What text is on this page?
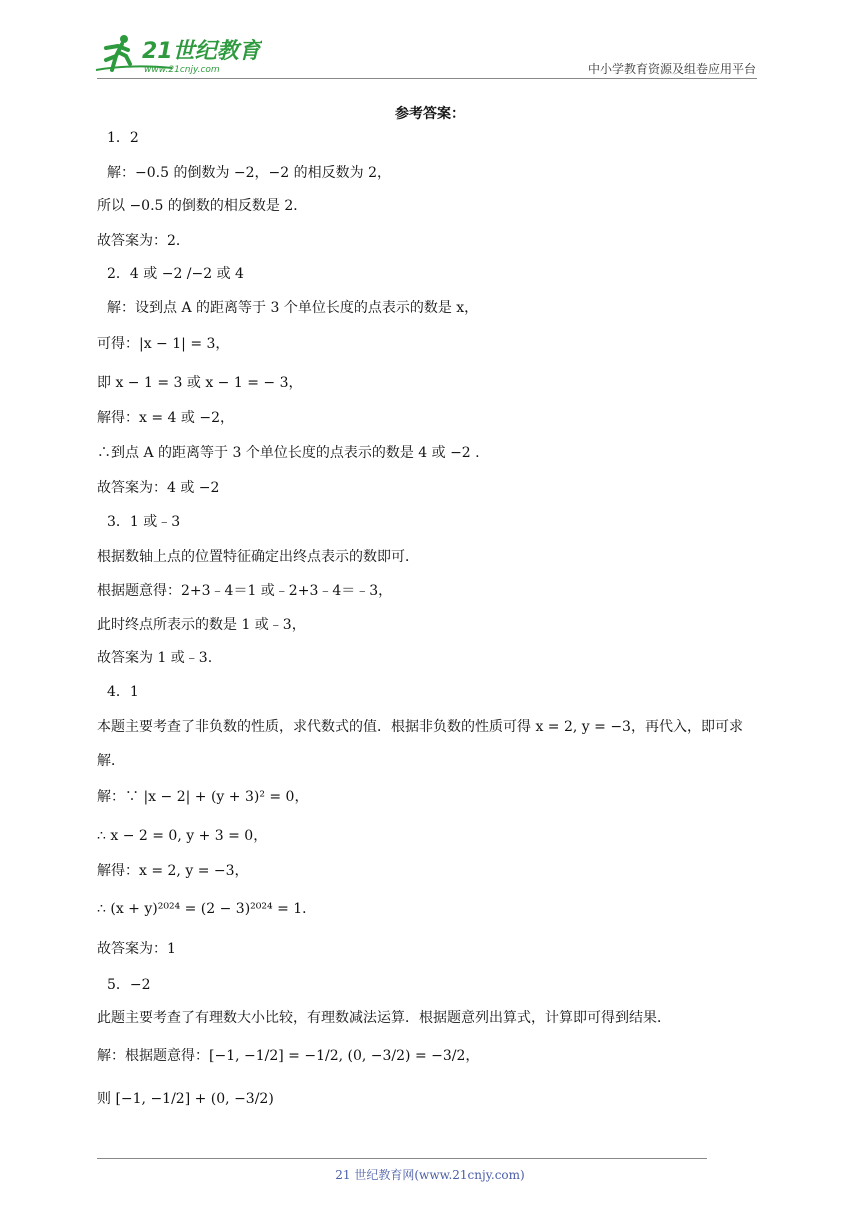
21世纪教育
www.21cnjy.com	中小学教育资源及组卷应用平台
参考答案：
1．2
解：−0.5 的倒数为 −2，−2 的相反数为 2，
所以 −0.5 的倒数的相反数是 2．
故答案为：2．
2．4 或 −2 /−2 或 4
解：设到点 A 的距离等于 3 个单位长度的点表示的数是 x，
可得：|x − 1| = 3，
即 x − 1 = 3 或 x − 1 = − 3，
解得：x = 4 或 −2，
∴到点 A 的距离等于 3 个单位长度的点表示的数是 4 或 −2 .
故答案为：4 或 −2
3．1 或﹣3
根据数轴上点的位置特征确定出终点表示的数即可．
根据题意得：2+3﹣4＝1 或﹣2+3﹣4＝﹣3，
此时终点所表示的数是 1 或﹣3，
故答案为 1 或﹣3.
4．1
本题主要考查了非负数的性质，求代数式的值．根据非负数的性质可得 x = 2, y = −3，再代入，即可求解．
解：∵ |x − 2| + (y + 3)² = 0，
∴ x − 2 = 0, y + 3 = 0，
解得：x = 2, y = −3，
∴ (x + y)²⁰²⁴ = (2 − 3)²⁰²⁴ = 1．
故答案为：1
5．−2
此题主要考查了有理数大小比较，有理数减法运算．根据题意列出算式，计算即可得到结果．
解：根据题意得：[−1, −1/2] = −1/2, (0, −3/2) = −3/2，
则 [−1, −1/2] + (0, −3/2)
21 世纪教育网(www.21cnjy.com)
